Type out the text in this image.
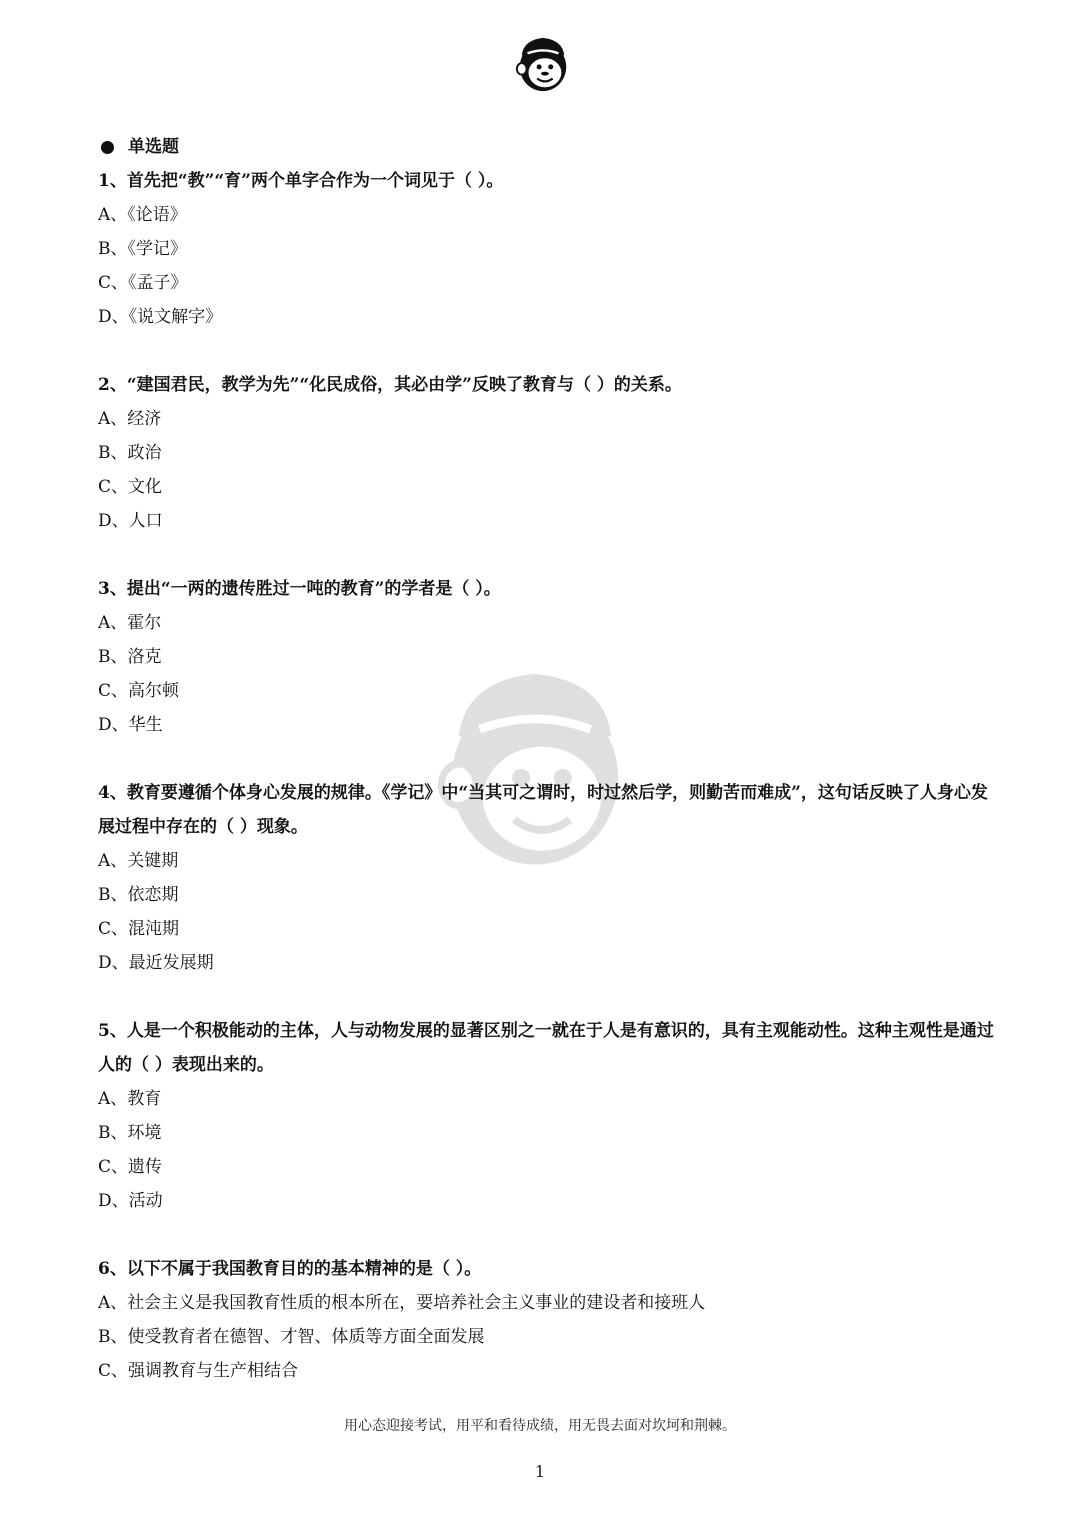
单选题
1、首先把“教”“育”两个单字合作为一个词见于（ ）。
A、《论语》
B、《学记》
C、《孟子》
D、《说文解字》
2、“建国君民，教学为先”“化民成俗，其必由学”反映了教育与（ ）的关系。
A、经济
B、政治
C、文化
D、人口
3、提出“一两的遗传胜过一吨的教育”的学者是（ ）。
A、霍尔
B、洛克
C、高尔顿
D、华生
4、教育要遵循个体身心发展的规律。《学记》中“当其可之谓时，时过然后学，则勤苦而难成”，这句话反映了人身心发展过程中存在的（ ）现象。
A、关键期
B、依恋期
C、混沌期
D、最近发展期
5、人是一个积极能动的主体，人与动物发展的显著区别之一就在于人是有意识的，具有主观能动性。这种主观性是通过人的（ ）表现出来的。
A、教育
B、环境
C、遗传
D、活动
6、以下不属于我国教育目的的基本精神的是（ ）。
A、社会主义是我国教育性质的根本所在，要培养社会主义事业的建设者和接班人
B、使受教育者在德智、才智、体质等方面全面发展
C、强调教育与生产相结合
用心态迎接考试，用平和看待成绩，用无畏去面对坎坷和荆棘。
1
